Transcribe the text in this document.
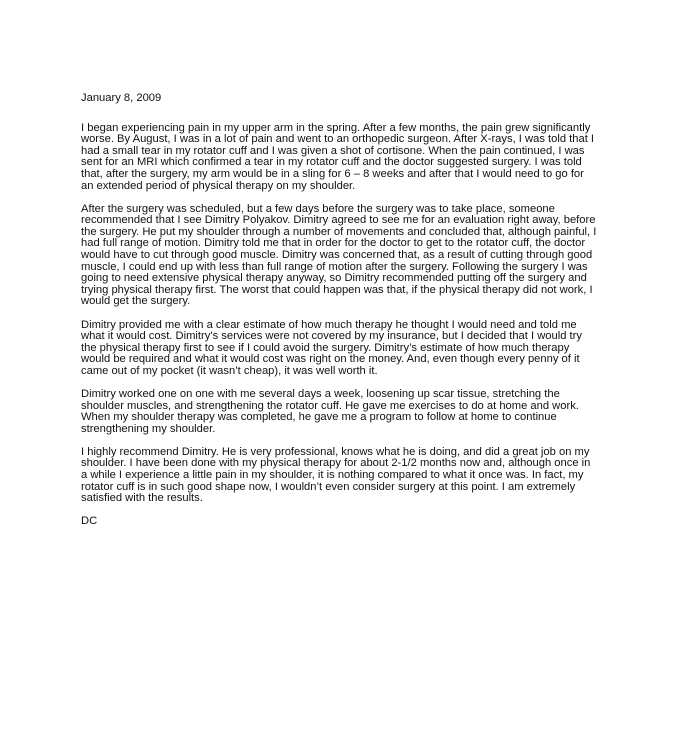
January 8, 2009

I began experiencing pain in my upper arm in the spring. After a few months, the pain grew significantly worse. By August, I was in a lot of pain and went to an orthopedic surgeon. After X-rays, I was told that I had a small tear in my rotator cuff and I was given a shot of cortisone. When the pain continued, I was sent for an MRI which confirmed a tear in my rotator cuff and the doctor suggested surgery. I was told that, after the surgery, my arm would be in a sling for 6 – 8 weeks and after that I would need to go for an extended period of physical therapy on my shoulder.

After the surgery was scheduled, but a few days before the surgery was to take place, someone recommended that I see Dimitry Polyakov. Dimitry agreed to see me for an evaluation right away, before the surgery. He put my shoulder through a number of movements and concluded that, although painful, I had full range of motion. Dimitry told me that in order for the doctor to get to the rotator cuff, the doctor would have to cut through good muscle. Dimitry was concerned that, as a result of cutting through good muscle, I could end up with less than full range of motion after the surgery. Following the surgery I was going to need extensive physical therapy anyway, so Dimitry recommended putting off the surgery and trying physical therapy first. The worst that could happen was that, if the physical therapy did not work, I would get the surgery.

Dimitry provided me with a clear estimate of how much therapy he thought I would need and told me what it would cost. Dimitry’s services were not covered by my insurance, but I decided that I would try the physical therapy first to see if I could avoid the surgery. Dimitry’s estimate of how much therapy would be required and what it would cost was right on the money. And, even though every penny of it came out of my pocket (it wasn’t cheap), it was well worth it.

Dimitry worked one on one with me several days a week, loosening up scar tissue, stretching the shoulder muscles, and strengthening the rotator cuff. He gave me exercises to do at home and work. When my shoulder therapy was completed, he gave me a program to follow at home to continue strengthening my shoulder.

I highly recommend Dimitry. He is very professional, knows what he is doing, and did a great job on my shoulder. I have been done with my physical therapy for about 2-1/2 months now and, although once in a while I experience a little pain in my shoulder, it is nothing compared to what it once was. In fact, my rotator cuff is in such good shape now, I wouldn’t even consider surgery at this point. I am extremely satisfied with the results.

DC
